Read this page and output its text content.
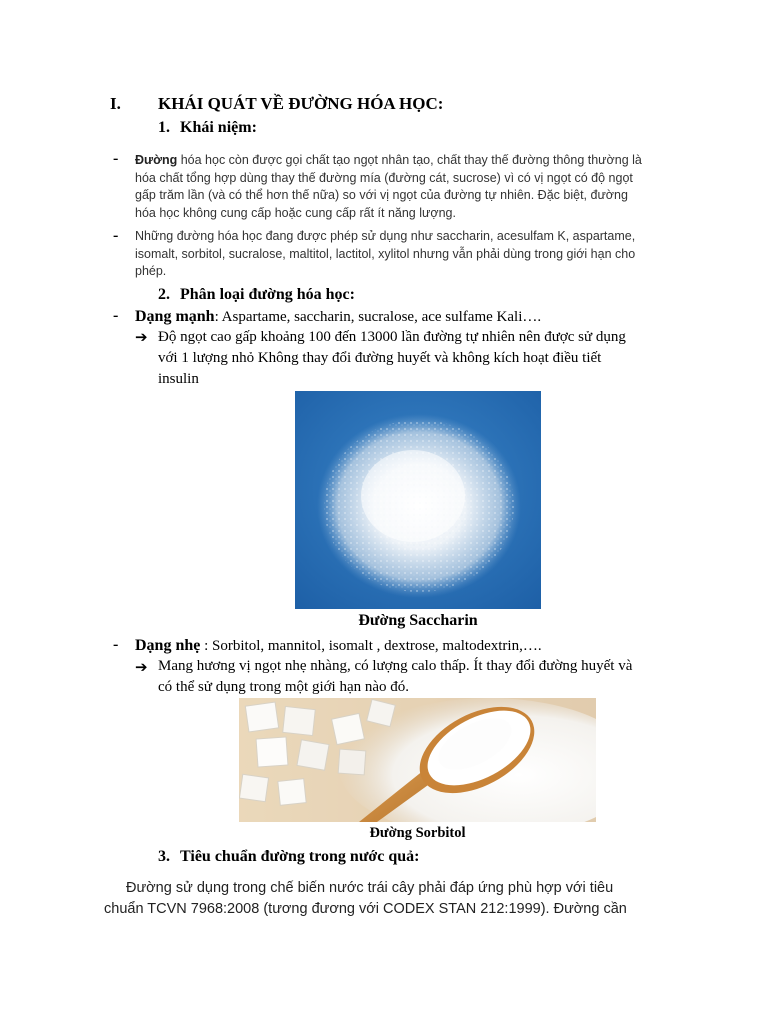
I. KHÁI QUÁT VỀ ĐƯỜNG HÓA HỌC:
1. Khái niệm:
- Đường hóa học còn được gọi chất tạo ngọt nhân tạo, chất thay thế đường thông thường là
hóa chất tổng hợp dùng thay thế đường mía (đường cát, sucrose) vì có vị ngọt có độ ngọt
gấp trăm lần (và có thể hơn thế nữa) so với vị ngọt của đường tự nhiên. Đặc biệt, đường
hóa học không cung cấp hoặc cung cấp rất ít năng lượng.
- Những đường hóa học đang được phép sử dụng như saccharin, acesulfam K, aspartame,
isomalt, sorbitol, sucralose, maltitol, lactitol, xylitol nhưng vẫn phải dùng trong giới hạn cho
phép.
2. Phân loại đường hóa học:
- Dạng mạnh: Aspartame, saccharin, sucralose, ace sulfame Kali….
➔ Độ ngọt cao gấp khoảng 100 đến 13000 lần đường tự nhiên nên được sử dụng
với 1 lượng nhỏ Không thay đổi đường huyết và không kích hoạt điều tiết
insulin
Đường Saccharin
- Dạng nhẹ : Sorbitol, mannitol, isomalt , dextrose, maltodextrin,….
➔ Mang hương vị ngọt nhẹ nhàng, có lượng calo thấp. Ít thay đổi đường huyết và
có thể sử dụng trong một giới hạn nào đó.
Đường Sorbitol
3. Tiêu chuẩn đường trong nước quả:
Đường sử dụng trong chế biến nước trái cây phải đáp ứng phù hợp với tiêu
chuẩn TCVN 7968:2008 (tương đương với CODEX STAN 212:1999). Đường cần
